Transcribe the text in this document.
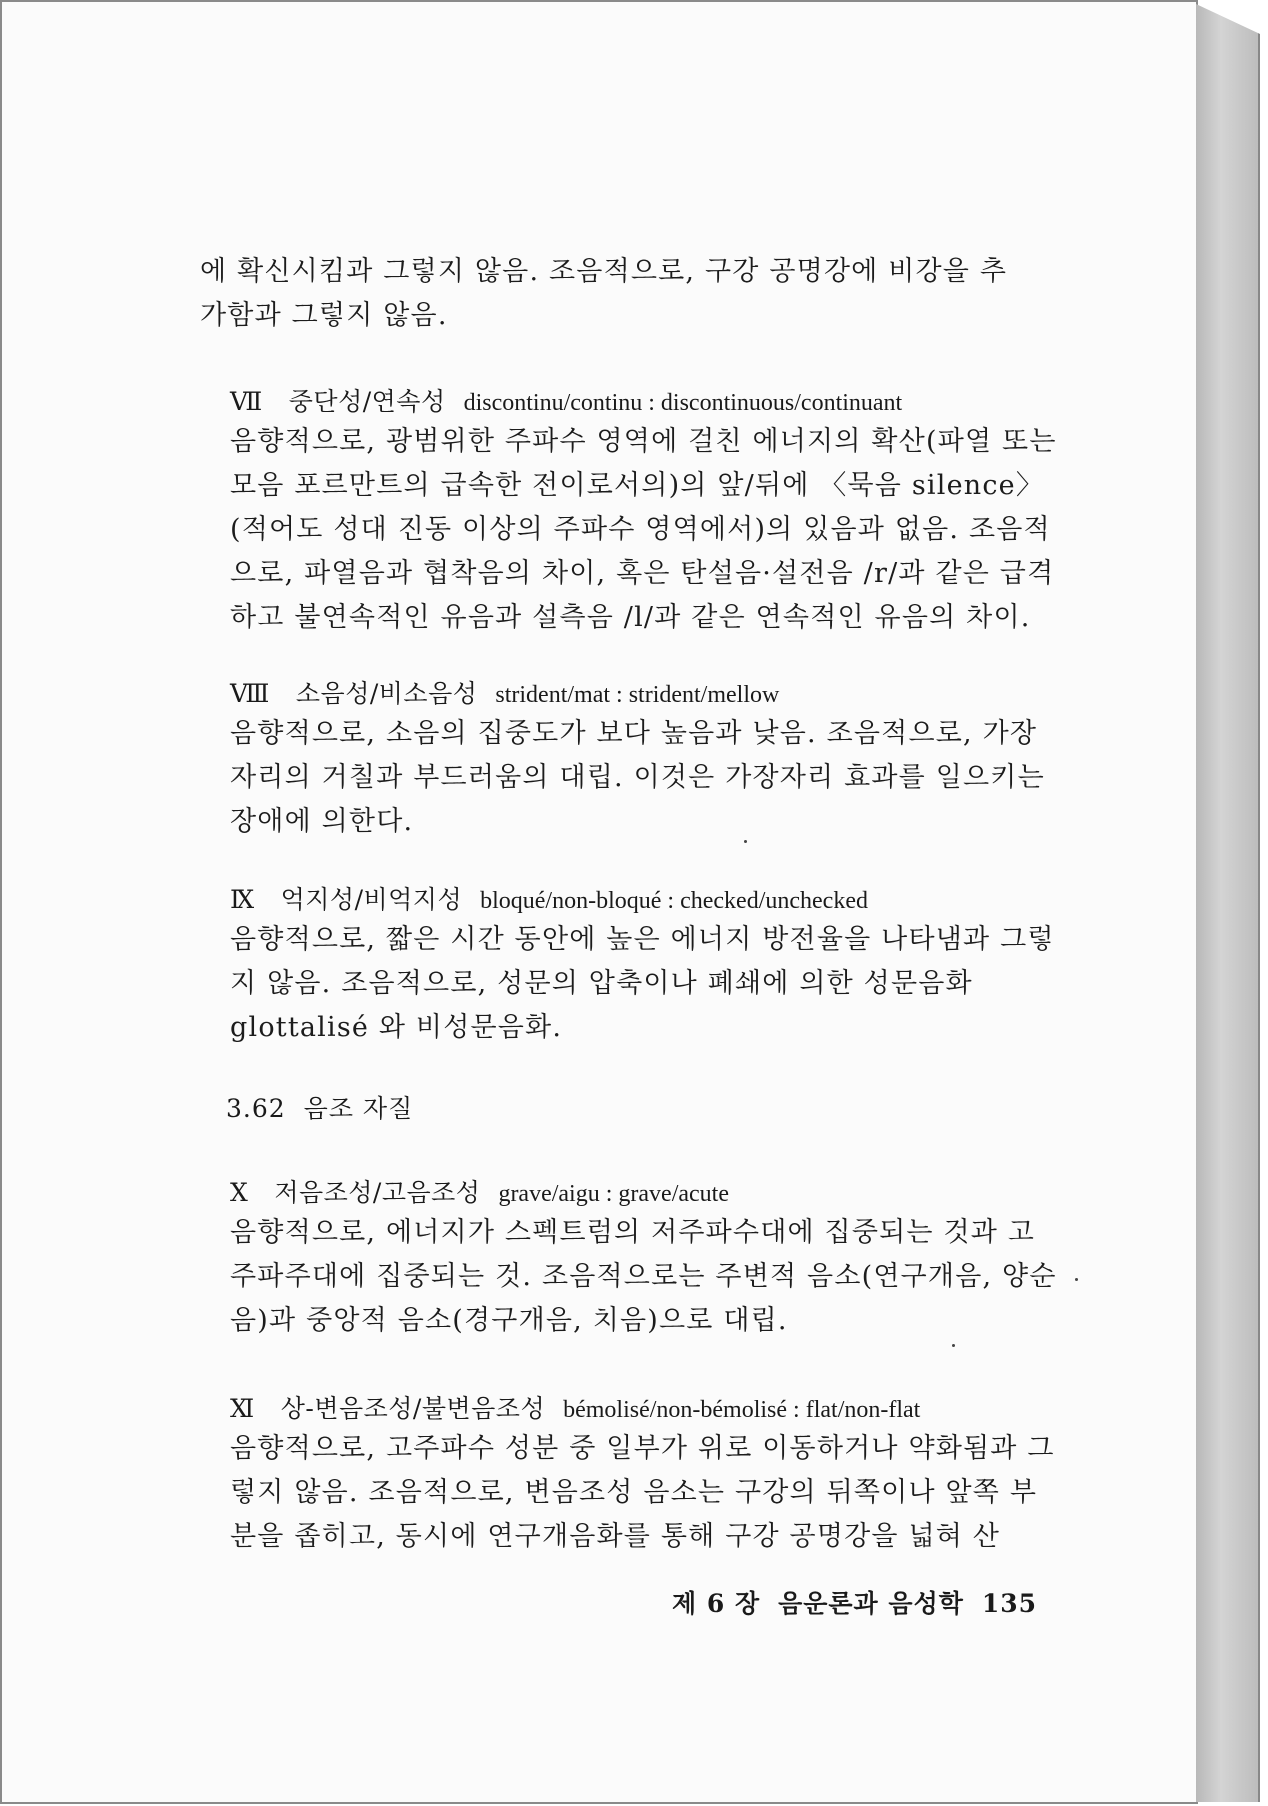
에 확신시킴과 그렇지 않음. 조음적으로, 구강 공명강에 비강을 추가함과 그렇지 않음.

Ⅶ 중단성/연속성 discontinu/continu : discontinuous/continuant

음향적으로, 광범위한 주파수 영역에 걸친 에너지의 확산(파열 또는 모음 포르만트의 급속한 전이로서의)의 앞/뒤에 〈묵음 silence〉(적어도 성대 진동 이상의 주파수 영역에서)의 있음과 없음. 조음적으로, 파열음과 협착음의 차이, 혹은 탄설음·설전음 /r/과 같은 급격하고 불연속적인 유음과 설측음 /l/과 같은 연속적인 유음의 차이.

Ⅷ 소음성/비소음성 strident/mat : strident/mellow

음향적으로, 소음의 집중도가 보다 높음과 낮음. 조음적으로, 가장자리의 거칠과 부드러움의 대립. 이것은 가장자리 효과를 일으키는 장애에 의한다.

Ⅸ 억지성/비억지성 bloqué/non-bloqué : checked/unchecked

음향적으로, 짧은 시간 동안에 높은 에너지 방전율을 나타냄과 그렇지 않음. 조음적으로, 성문의 압축이나 폐쇄에 의한 성문음화 glottalisé 와 비성문음화.

3.62 음조 자질
Ⅹ 저음조성/고음조성 grave/aigu : grave/acute

음향적으로, 에너지가 스펙트럼의 저주파수대에 집중되는 것과 고주파주대에 집중되는 것. 조음적으로는 주변적 음소(연구개음, 양순음)과 중앙적 음소(경구개음, 치음)으로 대립.

Ⅺ 상-변음조성/불변음조성 bémolisé/non-bémolisé : flat/non-flat

음향적으로, 고주파수 성분 중 일부가 위로 이동하거나 약화됨과 그렇지 않음. 조음적으로, 변음조성 음소는 구강의 뒤쪽이나 앞쪽 부분을 좁히고, 동시에 연구개음화를 통해 구강 공명강을 넓혀 산

제 6 장 음운론과 음성학 135
